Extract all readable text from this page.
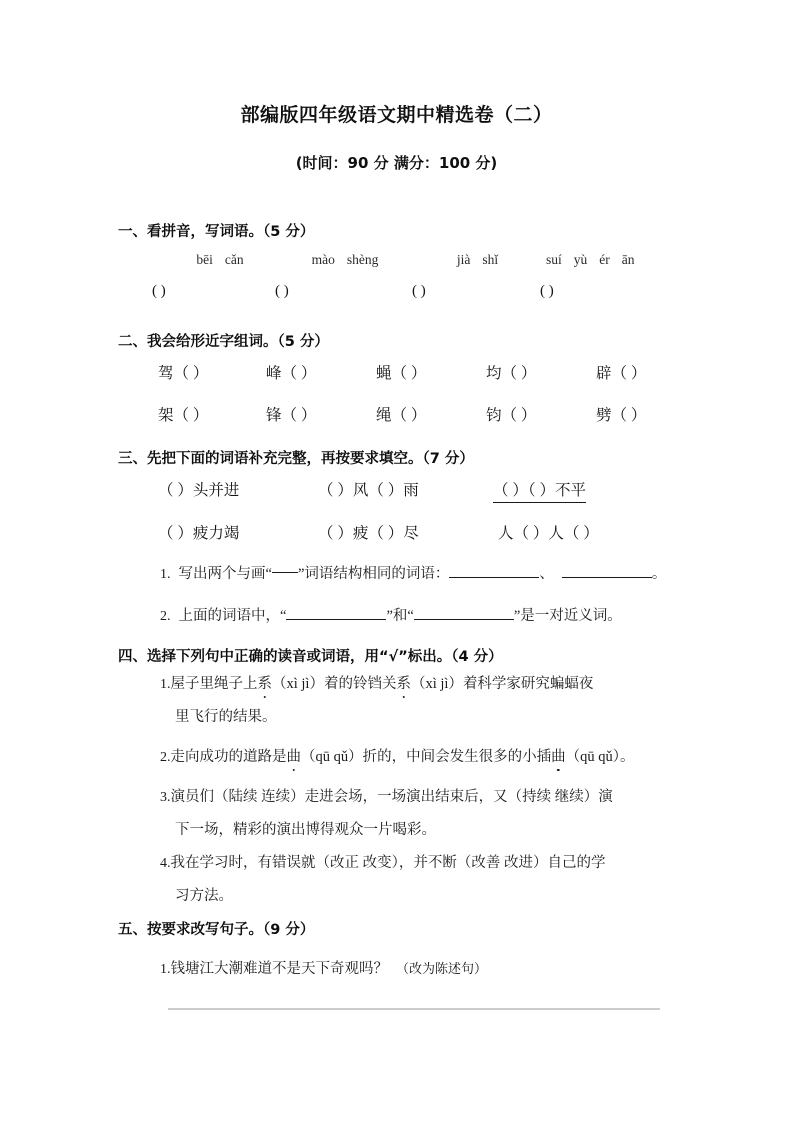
部编版四年级语文期中精选卷（二）
(时间：90 分 满分：100 分)
一、看拼音，写词语。（5 分）
bēi cǎn	mào shèng	jià shǐ	suí yù ér ān
( )	( )	( )	( )
二、我会给形近字组词。（5 分）
驾（ ）	峰（ ）	蝇（ ）	均（ ）	辟（ ）
架（ ）	锋（ ）	绳（ ）	钧（ ）	劈（ ）
三、先把下面的词语补充完整，再按要求填空。（7 分）
（ ）头并进	（ ）风（ ）雨	（ ）（ ）不平
（ ）疲力竭	（ ）疲（ ）尽	人（ ）人（ ）
1. 写出两个与画“ ”词语结构相同的词语：	、	。
2. 上面的词语中，“	”和“	”是一对近义词。
四、选择下列句中正确的读音或词语，用“√”标出。（4 分）
1.屋子里绳子上系（xì jì）着的铃铛关系（xì jì）着科学家研究蝙蝠夜
里飞行的结果。
2.走向成功的道路是曲（qū qǔ）折的，中间会发生很多的小插曲（qū qǔ）。
3.演员们（陆续 连续）走进会场，一场演出结束后，又（持续 继续）演
下一场，精彩的演出博得观众一片喝彩。
4.我在学习时，有错误就（改正 改变），并不断（改善 改进）自己的学
习方法。
五、按要求改写句子。（9 分）
1.钱塘江大潮难道不是天下奇观吗？ （改为陈述句）
